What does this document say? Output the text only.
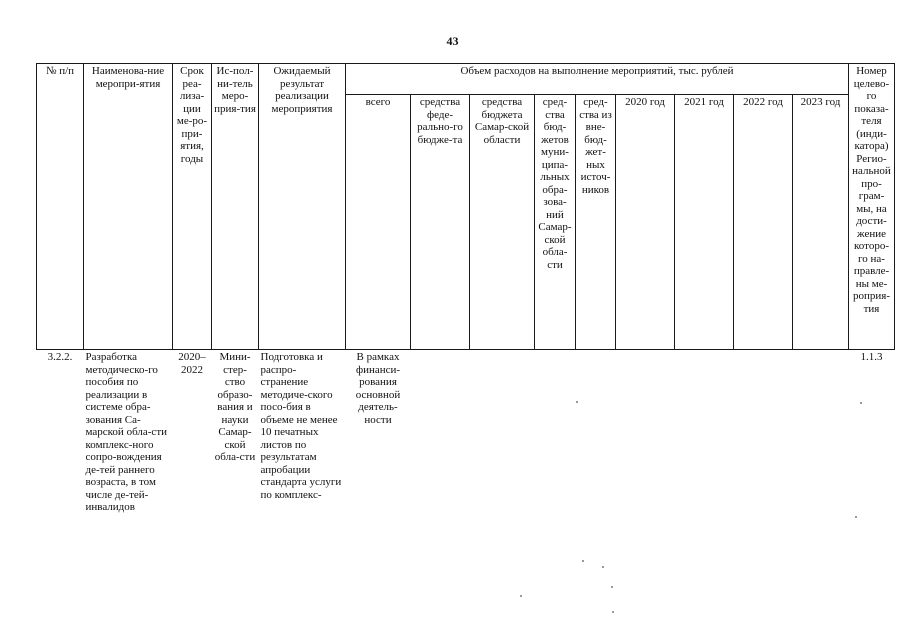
43
№ п/п	Наименова-ние меропри-ятия	Срок реа-лиза-ции ме-ро-при-ятия, годы	Ис-пол-ни-тель меро-прия-тия	Ожидаемый результат реализации мероприятия	Объем расходов на выполнение мероприятий, тыс. рублей									Номер целево-го показа-теля (инди-катора) Регио-нальной про-грам-мы, на дости-жение которо-го на-правле-ны ме-роприя-тия
					всего	средства феде-рально-го бюдже-та	средства бюджета Самар-ской области	сред-ства бюд-жетов муни-ципа-льных обра-зова-ний Самар-ской обла-сти	сред-ства из вне-бюд-жет-ных источ-ников	2020 год	2021 год	2022 год	2023 год	
3.2.2.	Разработка методическо-го пособия по реализации в системе обра-зования Са-марской обла-сти комплекс-ного сопро-вождения де-тей раннего возраста, в том числе де-тей-инвалидов	2020–2022	Мини-стер-ство образо-вания и науки Самар-ской обла-сти	Подготовка и распро-странение методиче-ского посо-бия в объеме не менее 10 печатных листов по результатам апробации стандарта услуги по комплекс-	В рамках финанси-рования основной деятель-ности									1.1.3
